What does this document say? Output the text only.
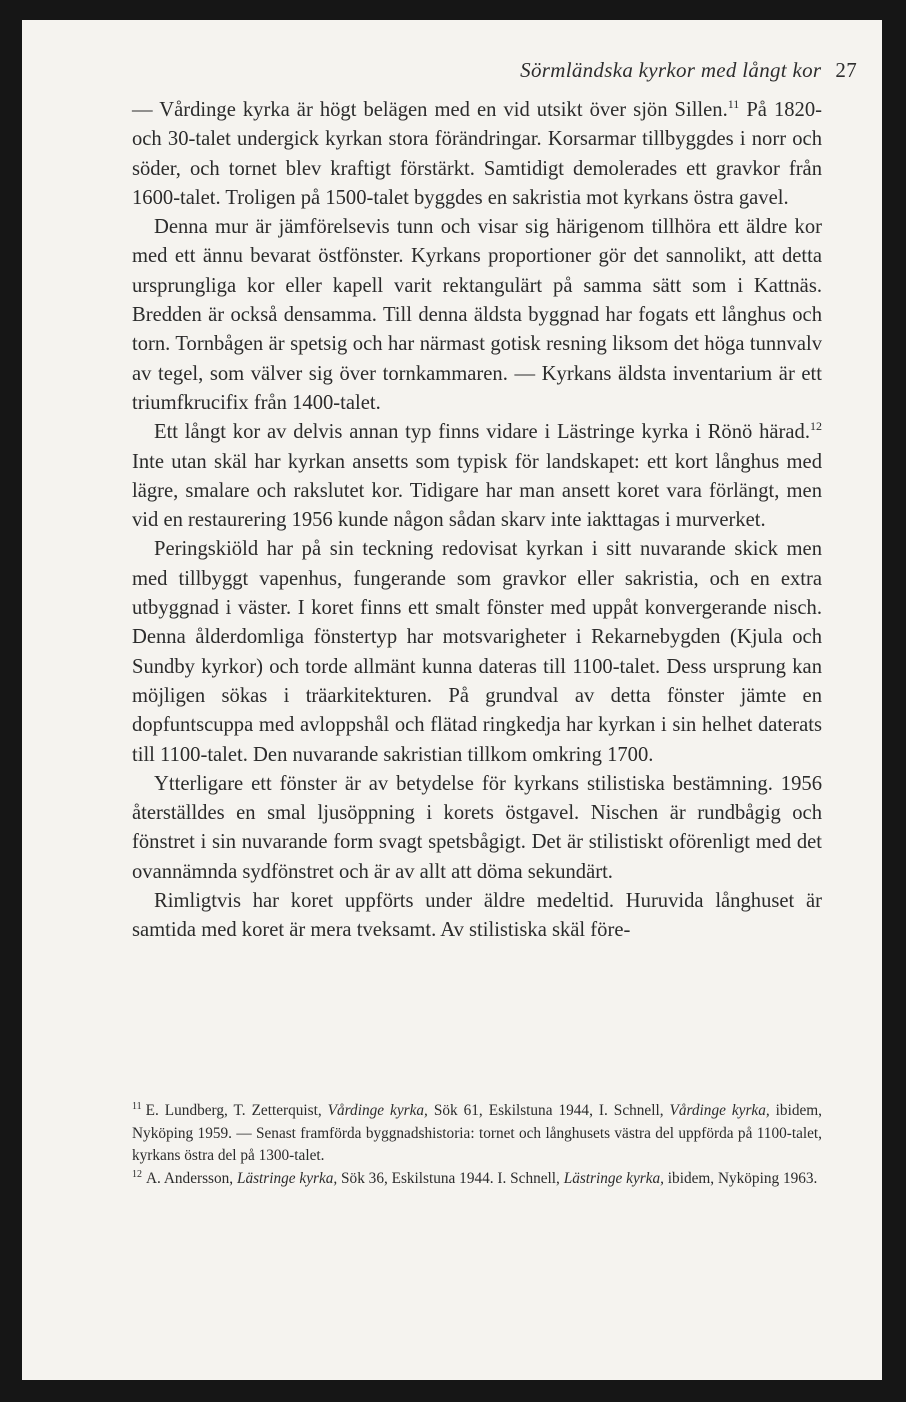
Sörmländska kyrkor med långt kor 27

— Vårdinge kyrka är högt belägen med en vid utsikt över sjön Sillen.$^{11}$ På 1820- och 30-talet undergick kyrkan stora förändringar. Korsarmar tillbyggdes i norr och söder, och tornet blev kraftigt förstärkt. Samtidigt demolerades ett gravkor från 1600-talet. Troligen på 1500-talet byggdes en sakristia mot kyrkans östra gavel.

Denna mur är jämförelsevis tunn och visar sig härigenom tillhöra ett äldre kor med ett ännu bevarat östfönster. Kyrkans proportioner gör det sannolikt, att detta ursprungliga kor eller kapell varit rektangulärt på samma sätt som i Kattnäs. Bredden är också densamma. Till denna äldsta byggnad har fogats ett långhus och torn. Tornbågen är spetsig och har närmast gotisk resning liksom det höga tunnvalv av tegel, som välver sig över tornkammaren. — Kyrkans äldsta inventarium är ett triumfkrucifix från 1400-talet.

Ett långt kor av delvis annan typ finns vidare i Lästringe kyrka i Rönö härad.$^{12}$ Inte utan skäl har kyrkan ansetts som typisk för landskapet: ett kort långhus med lägre, smalare och rakslutet kor. Tidigare har man ansett koret vara förlängt, men vid en restaurering 1956 kunde någon sådan skarv inte iakttagas i murverket.

Peringskiöld har på sin teckning redovisat kyrkan i sitt nuvarande skick men med tillbyggt vapenhus, fungerande som gravkor eller sakristia, och en extra utbyggnad i väster. I koret finns ett smalt fönster med uppåt konvergerande nisch. Denna ålderdomliga fönstertyp har motsvarigheter i Rekarnebygden (Kjula och Sundby kyrkor) och torde allmänt kunna dateras till 1100-talet. Dess ursprung kan möjligen sökas i träarkitekturen. På grundval av detta fönster jämte en dopfuntscuppa med avloppshål och flätad ringkedja har kyrkan i sin helhet daterats till 1100-talet. Den nuvarande sakristian tillkom omkring 1700.

Ytterligare ett fönster är av betydelse för kyrkans stilistiska bestämning. 1956 återställdes en smal ljusöppning i korets östgavel. Nischen är rundbågig och fönstret i sin nuvarande form svagt spetsbågigt. Det är stilistiskt oförenligt med det ovannämnda sydfönstret och är av allt att döma sekundärt.

Rimligtvis har koret uppförts under äldre medeltid. Huruvida långhuset är samtida med koret är mera tveksamt. Av stilistiska skäl före-

$^{11}$ E. Lundberg, T. Zetterquist, Vårdinge kyrka, Sök 61, Eskilstuna 1944, I. Schnell, Vårdinge kyrka, ibidem, Nyköping 1959. — Senast framförda byggnadshistoria: tornet och långhusets västra del uppförda på 1100-talet, kyrkans östra del på 1300-talet.

$^{12}$ A. Andersson, Lästringe kyrka, Sök 36, Eskilstuna 1944. I. Schnell, Lästringe kyrka, ibidem, Nyköping 1963.
